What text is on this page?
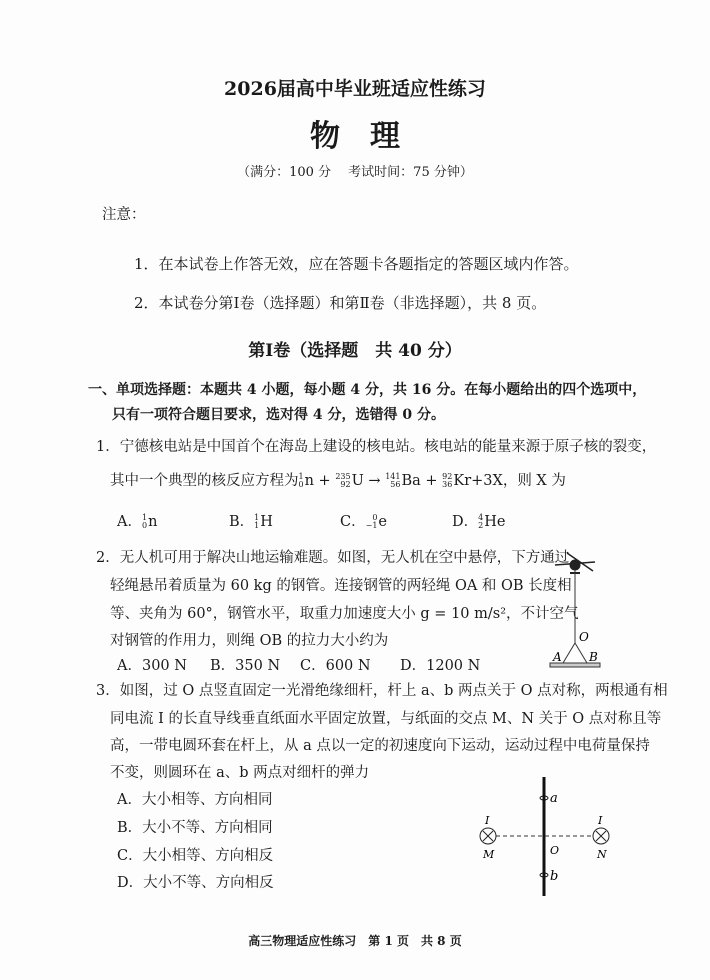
2026届高中毕业班适应性练习
物　理
（满分：100 分　 考试时间：75 分钟）
注意：
1．在本试卷上作答无效，应在答题卡各题指定的答题区域内作答。
2．本试卷分第Ⅰ卷（选择题）和第Ⅱ卷（非选择题），共 8 页。
第Ⅰ卷（选择题　共 40 分）
一、单项选择题：本题共 4 小题，每小题 4 分，共 16 分。在每小题给出的四个选项中，
只有一项符合题目要求，选对得 4 分，选错得 0 分。
1．宁德核电站是中国首个在海岛上建设的核电站。核电站的能量来源于原子核的裂变，
其中一个典型的核反应方程为 1
0 n + 235
92 U → 141
56 Ba + 92
36 Kr+3X，则 X 为
A． 1
0 n	B． 1
1 H	C． 0
−1 e	D． 4
2 He
2．无人机可用于解决山地运输难题。如图，无人机在空中悬停，下方通过
轻绳悬吊着质量为 60 kg 的钢管。连接钢管的两轻绳 OA 和 OB 长度相
等、夹角为 60°，钢管水平，取重力加速度大小 g = 10 m/s²，不计空气
对钢管的作用力，则绳 OB 的拉力大小约为
A．300 N B．350 N C．600 N D．1200 N
O
A B
3．如图，过 O 点竖直固定一光滑绝缘细杆，杆上 a、b 两点关于 O 点对称，两根通有相
同电流 I 的长直导线垂直纸面水平固定放置，与纸面的交点 M、N 关于 O 点对称且等
高，一带电圆环套在杆上，从 a 点以一定的初速度向下运动，运动过程中电荷量保持
不变，则圆环在 a、b 两点对细杆的弹力
A．大小相等、方向相同
B．大小不等、方向相同
C．大小相等、方向相反
D．大小不等、方向相反
a
b
O
M	N
I	I
高三物理适应性练习　第 1 页　共 8 页
